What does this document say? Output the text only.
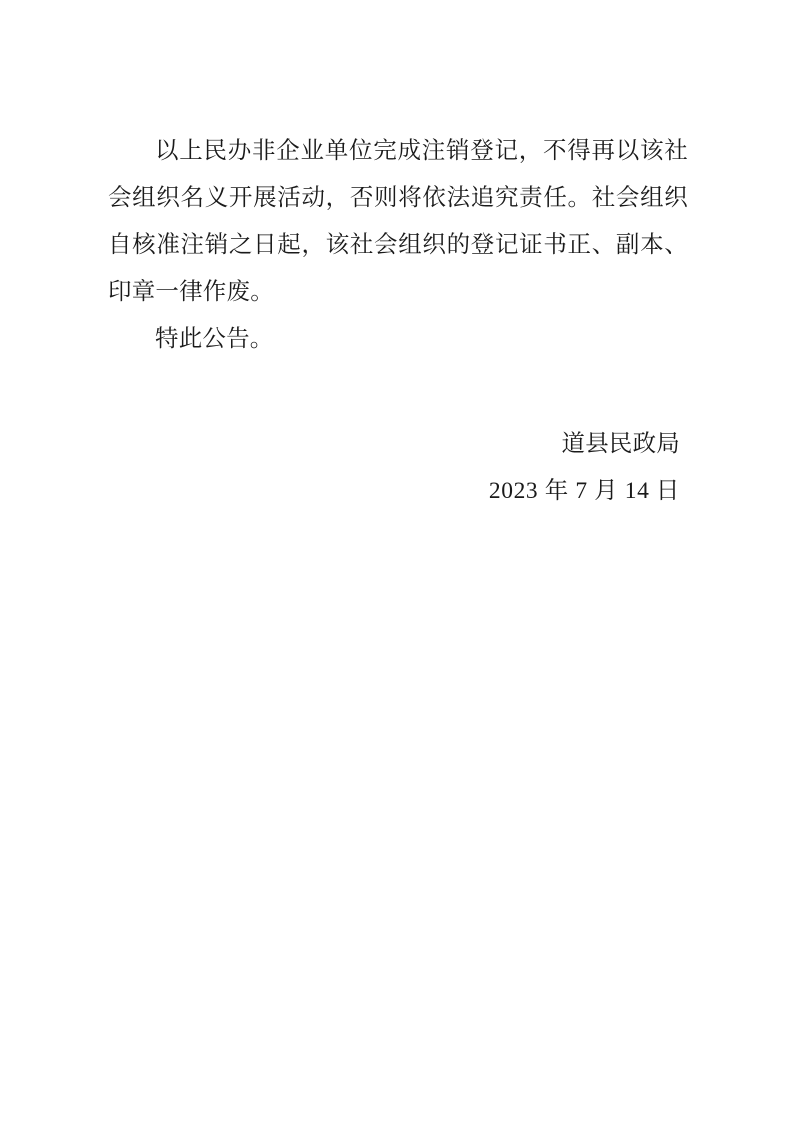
以上民办非企业单位完成注销登记，不得再以该社会组织名义开展活动，否则将依法追究责任。社会组织自核准注销之日起，该社会组织的登记证书正、副本、印章一律作废。

特此公告。

道县民政局
2023 年 7 月 14 日
